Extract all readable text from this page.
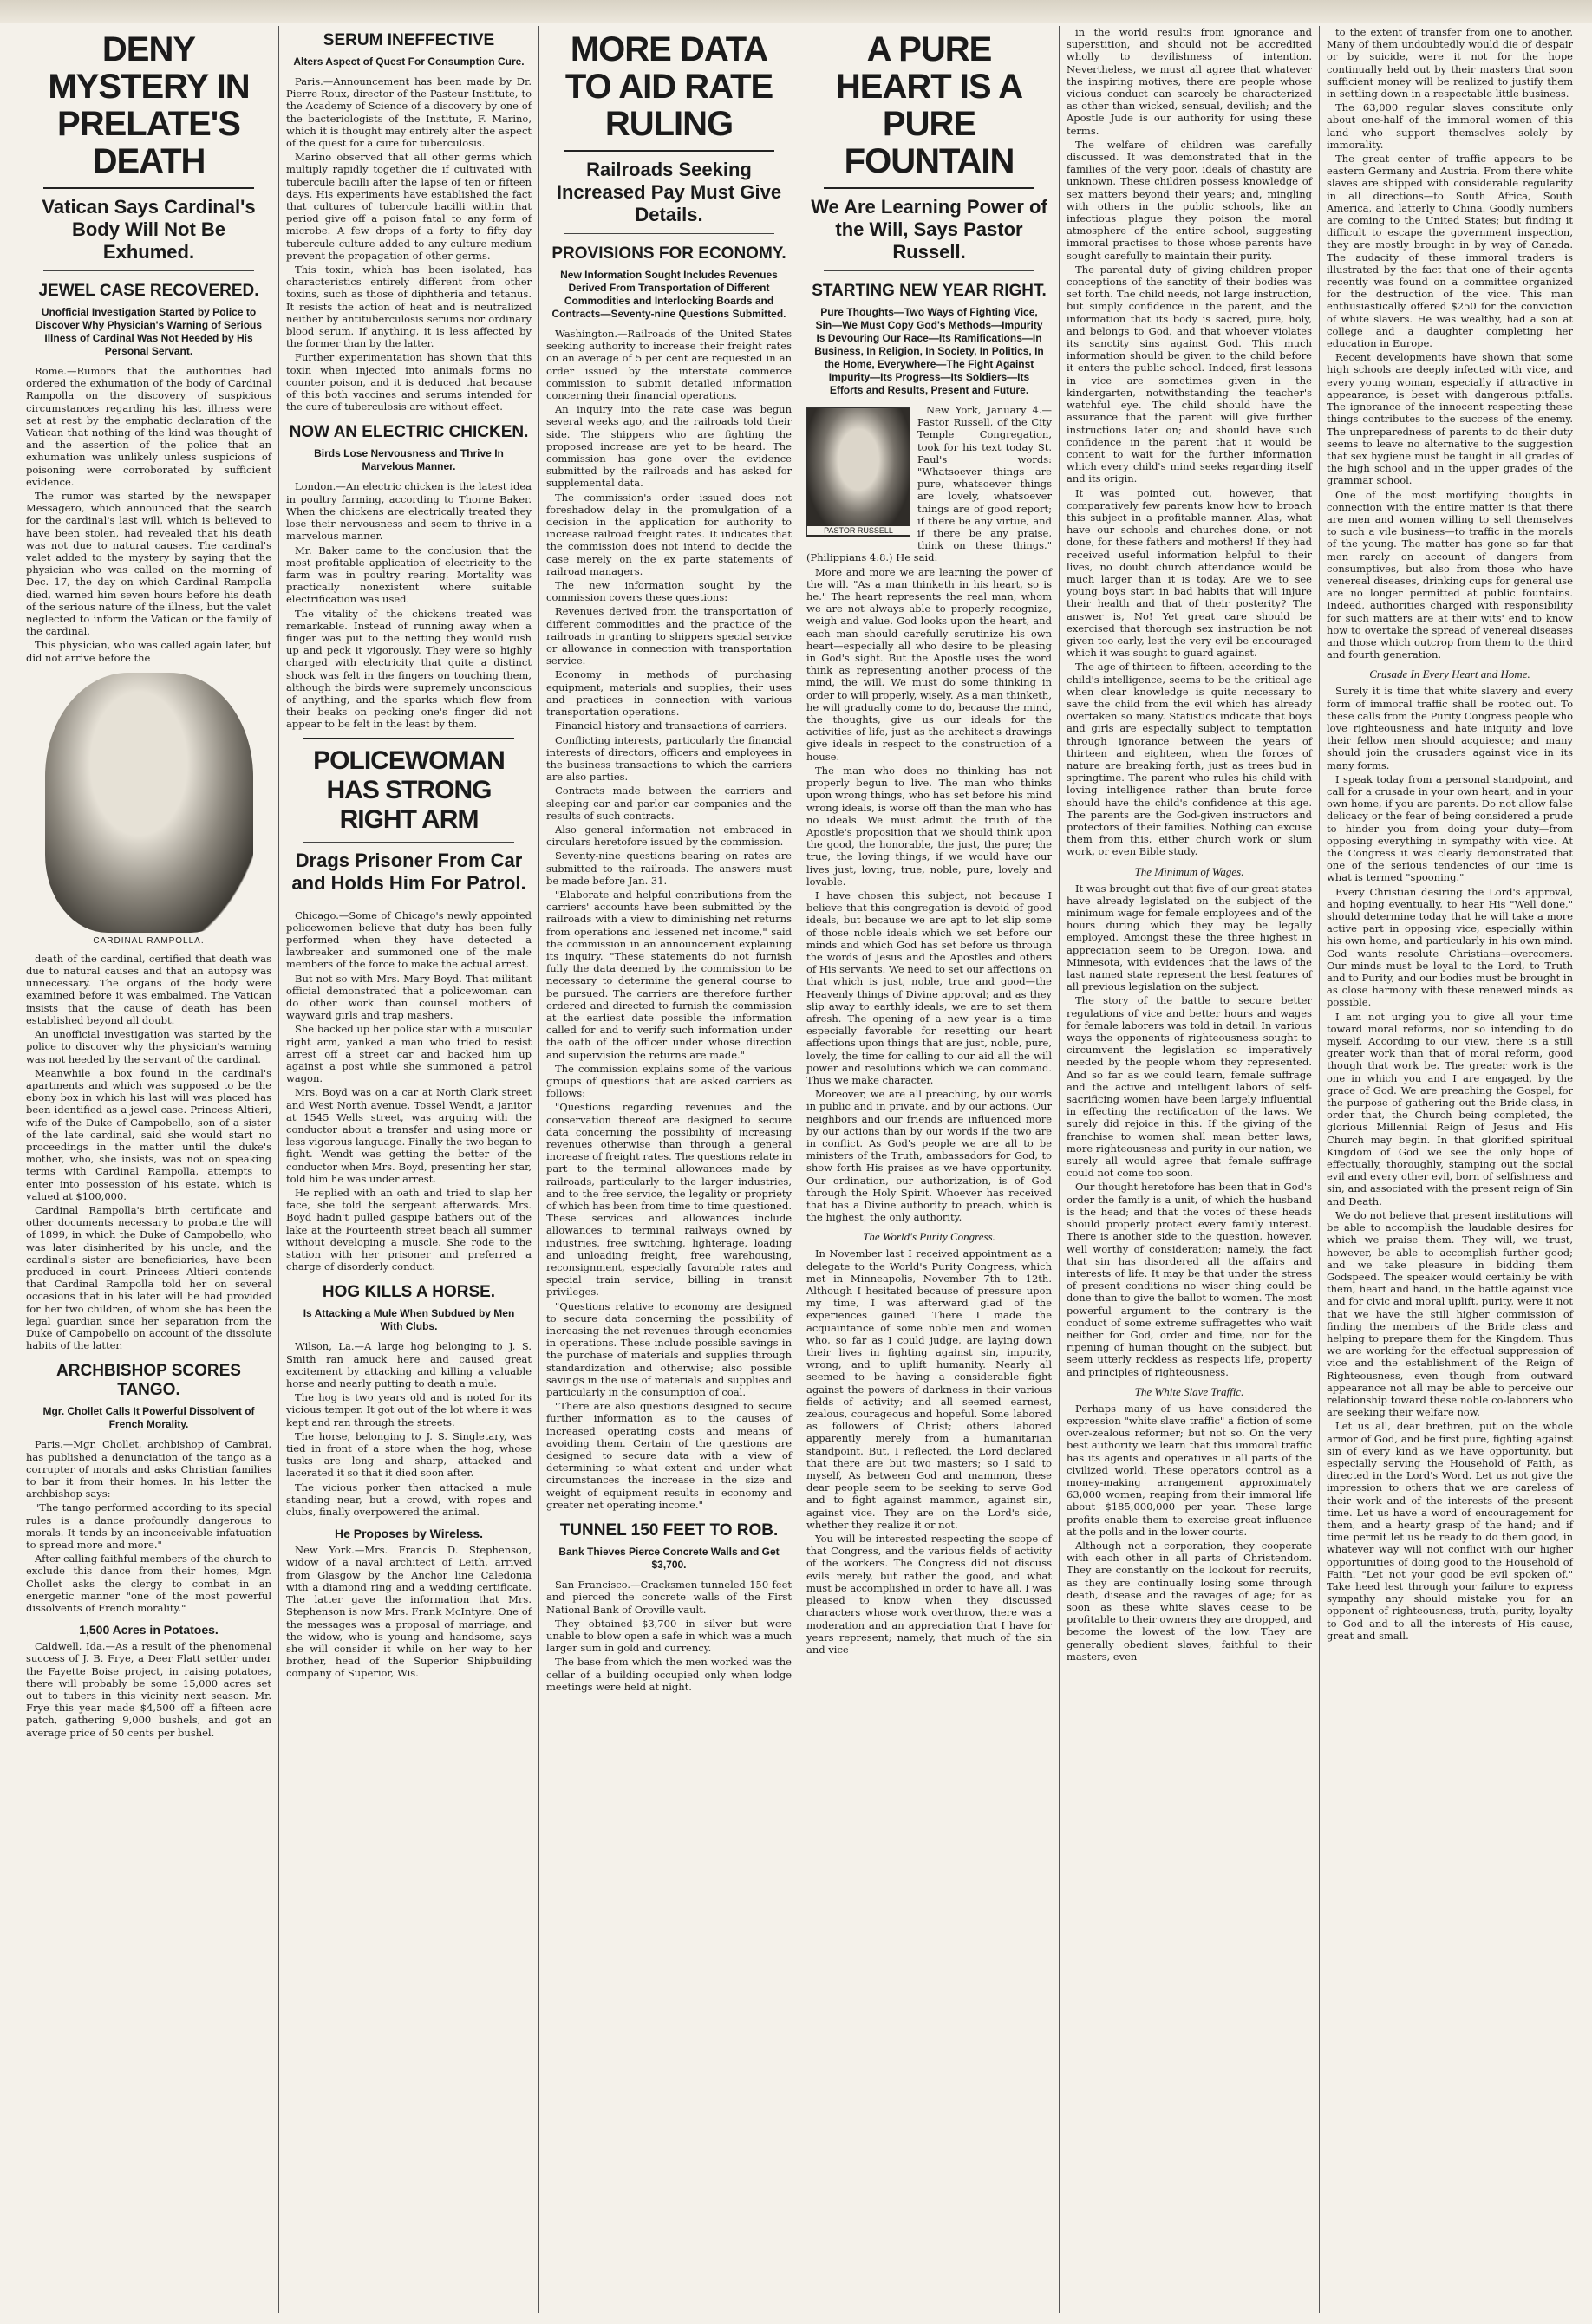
DENY MYSTERY IN PRELATE'S DEATH
Vatican Says Cardinal's Body Will Not Be Exhumed.
JEWEL CASE RECOVERED.
Unofficial Investigation Started by Police to Discover Why Physician's Warning of Serious Illness of Cardinal Was Not Heeded by His Personal Servant.

Rome.—Rumors that the authorities had ordered the exhumation of the body of Cardinal Rampolla on the discovery of suspicious circumstances regarding his last illness were set at rest by the emphatic declaration of the Vatican that nothing of the kind was thought of and the assertion of the police that an exhumation was unlikely unless suspicions of poisoning were corroborated by sufficient evidence.

The rumor was started by the newspaper Messagero, which announced that the search for the cardinal's last will, which is believed to have been stolen, had revealed that his death was not due to natural causes. The cardinal's valet added to the mystery by saying that the physician who was called on the morning of Dec. 17, the day on which Cardinal Rampolla died, warned him seven hours before his death of the serious nature of the illness, but the valet neglected to inform the Vatican or the family of the cardinal.

This physician, who was called again later, but did not arrive before the

CARDINAL RAMPOLLA.

death of the cardinal, certified that death was due to natural causes and that an autopsy was unnecessary. The organs of the body were examined before it was embalmed. The Vatican insists that the cause of death has been established beyond all doubt.

An unofficial investigation was started by the police to discover why the physician's warning was not heeded by the servant of the cardinal.

Meanwhile a box found in the cardinal's apartments and which was supposed to be the ebony box in which his last will was placed has been identified as a jewel case. Princess Altieri, wife of the Duke of Campobello, son of a sister of the late cardinal, said she would start no proceedings in the matter until the duke's mother, who, she insists, was not on speaking terms with Cardinal Rampolla, attempts to enter into possession of his estate, which is valued at $100,000.

Cardinal Rampolla's birth certificate and other documents necessary to probate the will of 1899, in which the Duke of Campobello, who was later disinherited by his uncle, and the cardinal's sister are beneficiaries, have been produced in court. Princess Altieri contends that Cardinal Rampolla told her on several occasions that in his later will he had provided for her two children, of whom she has been the legal guardian since her separation from the Duke of Campobello on account of the dissolute habits of the latter.

ARCHBISHOP SCORES TANGO.
Mgr. Chollet Calls It Powerful Dissolvent of French Morality.

Paris.—Mgr. Chollet, archbishop of Cambrai, has published a denunciation of the tango as a corrupter of morals and asks Christian families to bar it from their homes. In his letter the archbishop says:

"The tango performed according to its special rules is a dance profoundly dangerous to morals. It tends by an inconceivable infatuation to spread more and more."

After calling faithful members of the church to exclude this dance from their homes, Mgr. Chollet asks the clergy to combat in an energetic manner "one of the most powerful dissolvents of French morality."

1,500 Acres in Potatoes.

Caldwell, Ida.—As a result of the phenomenal success of J. B. Frye, a Deer Flatt settler under the Fayette Boise project, in raising potatoes, there will probably be some 15,000 acres set out to tubers in this vicinity next season. Mr. Frye this year made $4,500 off a fifteen acre patch, gathering 9,000 bushels, and got an average price of 50 cents per bushel.

SERUM INEFFECTIVE
Alters Aspect of Quest For Consumption Cure.

Paris.—Announcement has been made by Dr. Pierre Roux, director of the Pasteur Institute, to the Academy of Science of a discovery by one of the bacteriologists of the Institute, F. Marino, which it is thought may entirely alter the aspect of the quest for a cure for tuberculosis.

Marino observed that all other germs which multiply rapidly together die if cultivated with tubercule bacilli after the lapse of ten or fifteen days. His experiments have established the fact that cultures of tubercule bacilli within that period give off a poison fatal to any form of microbe. A few drops of a forty to fifty day tubercule culture added to any culture medium prevent the propagation of other germs.

This toxin, which has been isolated, has characteristics entirely different from other toxins, such as those of diphtheria and tetanus. It resists the action of heat and is neutralized neither by antituberculosis serums nor ordinary blood serum. If anything, it is less affected by the former than by the latter.

Further experimentation has shown that this toxin when injected into animals forms no counter poison, and it is deduced that because of this both vaccines and serums intended for the cure of tuberculosis are without effect.

NOW AN ELECTRIC CHICKEN.
Birds Lose Nervousness and Thrive In Marvelous Manner.

London.—An electric chicken is the latest idea in poultry farming, according to Thorne Baker. When the chickens are electrically treated they lose their nervousness and seem to thrive in a marvelous manner.

Mr. Baker came to the conclusion that the most profitable application of electricity to the farm was in poultry rearing. Mortality was practically nonexistent where suitable electrification was used.

The vitality of the chickens treated was remarkable. Instead of running away when a finger was put to the netting they would rush up and peck it vigorously. They were so highly charged with electricity that quite a distinct shock was felt in the fingers on touching them, although the birds were supremely unconscious of anything, and the sparks which flew from their beaks on pecking one's finger did not appear to be felt in the least by them.

POLICEWOMAN HAS STRONG RIGHT ARM
Drags Prisoner From Car and Holds Him For Patrol.

Chicago.—Some of Chicago's newly appointed policewomen believe that duty has been fully performed when they have detected a lawbreaker and summoned one of the male members of the force to make the actual arrest.

But not so with Mrs. Mary Boyd. That militant official demonstrated that a policewoman can do other work than counsel mothers of wayward girls and trap mashers.

She backed up her police star with a muscular right arm, yanked a man who tried to resist arrest off a street car and backed him up against a post while she summoned a patrol wagon.

Mrs. Boyd was on a car at North Clark street and West North avenue. Tossel Wendt, a janitor at 1545 Wells street, was arguing with the conductor about a transfer and using more or less vigorous language. Finally the two began to fight. Wendt was getting the better of the conductor when Mrs. Boyd, presenting her star, told him he was under arrest.

He replied with an oath and tried to slap her face, she told the sergeant afterwards. Mrs. Boyd hadn't pulled gaspipe bathers out of the lake at the Fourteenth street beach all summer without developing a muscle. She rode to the station with her prisoner and preferred a charge of disorderly conduct.

HOG KILLS A HORSE.
Is Attacking a Mule When Subdued by Men With Clubs.

Wilson, La.—A large hog belonging to J. S. Smith ran amuck here and caused great excitement by attacking and killing a valuable horse and nearly putting to death a mule.

The hog is two years old and is noted for its vicious temper. It got out of the lot where it was kept and ran through the streets.

The horse, belonging to J. S. Singletary, was tied in front of a store when the hog, whose tusks are long and sharp, attacked and lacerated it so that it died soon after.

The vicious porker then attacked a mule standing near, but a crowd, with ropes and clubs, finally overpowered the animal.

He Proposes by Wireless.

New York.—Mrs. Francis D. Stephenson, widow of a naval architect of Leith, arrived from Glasgow by the Anchor line Caledonia with a diamond ring and a wedding certificate. The latter gave the information that Mrs. Stephenson is now Mrs. Frank McIntyre. One of the messages was a proposal of marriage, and the widow, who is young and handsome, says she will consider it while on her way to her brother, head of the Superior Shipbuilding company of Superior, Wis.

MORE DATA TO AID RATE RULING
Railroads Seeking Increased Pay Must Give Details.
PROVISIONS FOR ECONOMY.
New Information Sought Includes Revenues Derived From Transportation of Different Commodities and Interlocking Boards and Contracts—Seventy-nine Questions Submitted.

Washington.—Railroads of the United States seeking authority to increase their freight rates on an average of 5 per cent are requested in an order issued by the interstate commerce commission to submit detailed information concerning their financial operations.

An inquiry into the rate case was begun several weeks ago, and the railroads told their side. The shippers who are fighting the proposed increase are yet to be heard. The commission has gone over the evidence submitted by the railroads and has asked for supplemental data.

The commission's order issued does not foreshadow delay in the promulgation of a decision in the application for authority to increase railroad freight rates. It indicates that the commission does not intend to decide the case merely on the ex parte statements of railroad managers.

The new information sought by the commission covers these questions:

Revenues derived from the transportation of different commodities and the practice of the railroads in granting to shippers special service or allowance in connection with transportation service.

Economy in methods of purchasing equipment, materials and supplies, their uses and practices in connection with various transportation operations.

Financial history and transactions of carriers.

Conflicting interests, particularly the financial interests of directors, officers and employees in the business transactions to which the carriers are also parties.

Contracts made between the carriers and sleeping car and parlor car companies and the results of such contracts.

Also general information not embraced in circulars heretofore issued by the commission.

Seventy-nine questions bearing on rates are submitted to the railroads. The answers must be made before Jan. 31.

"Elaborate and helpful contributions from the carriers' accounts have been submitted by the railroads with a view to diminishing net returns from operations and lessened net income," said the commission in an announcement explaining its inquiry. "These statements do not furnish fully the data deemed by the commission to be necessary to determine the general course to be pursued. The carriers are therefore further ordered and directed to furnish the commission at the earliest date possible the information called for and to verify such information under the oath of the officer under whose direction and supervision the returns are made."

The commission explains some of the various groups of questions that are asked carriers as follows:

"Questions regarding revenues and the conservation thereof are designed to secure data concerning the possibility of increasing revenues otherwise than through a general increase of freight rates. The questions relate in part to the terminal allowances made by railroads, particularly to the larger industries, and to the free service, the legality or propriety of which has been from time to time questioned. These services and allowances include allowances to terminal railways owned by industries, free switching, lighterage, loading and unloading freight, free warehousing, reconsignment, especially favorable rates and special train service, billing in transit privileges.

"Questions relative to economy are designed to secure data concerning the possibility of increasing the net revenues through economies in operations. These include possible savings in the purchase of materials and supplies through standardization and otherwise; also possible savings in the use of materials and supplies and particularly in the consumption of coal.

"There are also questions designed to secure further information as to the causes of increased operating costs and means of avoiding them. Certain of the questions are designed to secure data with a view of determining to what extent and under what circumstances the increase in the size and weight of equipment results in economy and greater net operating income."

TUNNEL 150 FEET TO ROB.
Bank Thieves Pierce Concrete Walls and Get $3,700.

San Francisco.—Cracksmen tunneled 150 feet and pierced the concrete walls of the First National Bank of Oroville vault.

They obtained $3,700 in silver but were unable to blow open a safe in which was a much larger sum in gold and currency.

The base from which the men worked was the cellar of a building occupied only when lodge meetings were held at night.

A PURE HEART IS A PURE FOUNTAIN
We Are Learning Power of the Will, Says Pastor Russell.
STARTING NEW YEAR RIGHT.
Pure Thoughts—Two Ways of Fighting Vice, Sin—We Must Copy God's Methods—Impurity Is Devouring Our Race—Its Ramifications—In Business, In Religion, In Society, In Politics, In the Home, Everywhere—The Fight Against Impurity—Its Progress—Its Soldiers—Its Efforts and Results, Present and Future.
PASTOR RUSSELL

New York, January 4.—Pastor Russell, of the City Temple Congregation, took for his text today St. Paul's words: "Whatsoever things are pure, whatsoever things are lovely, whatsoever things are of good report; if there be any virtue, and if there be any praise, think on these things." (Philippians 4:8.) He said:

More and more we are learning the power of the will. "As a man thinketh in his heart, so is he." The heart represents the real man, whom we are not always able to properly recognize, weigh and value. God looks upon the heart, and each man should carefully scrutinize his own heart—especially all who desire to be pleasing in God's sight. But the Apostle uses the word think as representing another process of the mind, the will. We must do some thinking in order to will properly, wisely. As a man thinketh, he will gradually come to do, because the mind, the thoughts, give us our ideals for the activities of life, just as the architect's drawings give ideals in respect to the construction of a house.

The man who does no thinking has not properly begun to live. The man who thinks upon wrong things, who has set before his mind wrong ideals, is worse off than the man who has no ideals. We must admit the truth of the Apostle's proposition that we should think upon the good, the honorable, the just, the pure; the true, the loving things, if we would have our lives just, loving, true, noble, pure, lovely and lovable.

I have chosen this subject, not because I believe that this congregation is devoid of good ideals, but because we are apt to let slip some of those noble ideals which we set before our minds and which God has set before us through the words of Jesus and the Apostles and others of His servants. We need to set our affections on that which is just, noble, true and good—the Heavenly things of Divine approval; and as they slip away to earthly ideals, we are to set them afresh. The opening of a new year is a time especially favorable for resetting our heart affections upon things that are just, noble, pure, lovely, the time for calling to our aid all the will power and resolutions which we can command. Thus we make character.

Moreover, we are all preaching, by our words in public and in private, and by our actions. Our neighbors and our friends are influenced more by our actions than by our words if the two are in conflict. As God's people we are all to be ministers of the Truth, ambassadors for God, to show forth His praises as we have opportunity. Our ordination, our authorization, is of God through the Holy Spirit. Whoever has received that has a Divine authority to preach, which is the highest, the only authority.

The World's Purity Congress.

In November last I received appointment as a delegate to the World's Purity Congress, which met in Minneapolis, November 7th to 12th. Although I hesitated because of pressure upon my time, I was afterward glad of the experiences gained. There I made the acquaintance of some noble men and women who, so far as I could judge, are laying down their lives in fighting against sin, impurity, wrong, and to uplift humanity. Nearly all seemed to be having a considerable fight against the powers of darkness in their various fields of activity; and all seemed earnest, zealous, courageous and hopeful. Some labored as followers of Christ; others labored apparently merely from a humanitarian standpoint. But, I reflected, the Lord declared that there are but two masters; so I said to myself, As between God and mammon, these dear people seem to be seeking to serve God and to fight against mammon, against sin, against vice. They are on the Lord's side, whether they realize it or not.

You will be interested respecting the scope of that Congress, and the various fields of activity of the workers. The Congress did not discuss evils merely, but rather the good, and what must be accomplished in order to have all. I was pleased to know when they discussed characters whose work overthrow, there was a moderation and an appreciation that I have for years represent; namely, that much of the sin and vice

in the world results from ignorance and superstition, and should not be accredited wholly to devilishness of intention. Nevertheless, we must all agree that whatever the inspiring motives, there are people whose vicious conduct can scarcely be characterized as other than wicked, sensual, devilish; and the Apostle Jude is our authority for using these terms.

The welfare of children was carefully discussed. It was demonstrated that in the families of the very poor, ideals of chastity are unknown. These children possess knowledge of sex matters beyond their years; and, mingling with others in the public schools, like an infectious plague they poison the moral atmosphere of the entire school, suggesting immoral practises to those whose parents have sought carefully to maintain their purity.

The parental duty of giving children proper conceptions of the sanctity of their bodies was set forth. The child needs, not large instruction, but simply confidence in the parent, and the information that its body is sacred, pure, holy, and belongs to God, and that whoever violates its sanctity sins against God. This much information should be given to the child before it enters the public school. Indeed, first lessons in vice are sometimes given in the kindergarten, notwithstanding the teacher's watchful eye. The child should have the assurance that the parent will give further instructions later on; and should have such confidence in the parent that it would be content to wait for the further information which every child's mind seeks regarding itself and its origin.

It was pointed out, however, that comparatively few parents know how to broach this subject in a profitable manner. Alas, what have our schools and churches done, or not done, for these fathers and mothers! If they had received useful information helpful to their lives, no doubt church attendance would be much larger than it is today. Are we to see young boys start in bad habits that will injure their health and that of their posterity? The answer is, No! Yet great care should be exercised that thorough sex instruction be not given too early, lest the very evil be encouraged which it was sought to guard against.

The age of thirteen to fifteen, according to the child's intelligence, seems to be the critical age when clear knowledge is quite necessary to save the child from the evil which has already overtaken so many. Statistics indicate that boys and girls are especially subject to temptation through ignorance between the years of thirteen and eighteen, when the forces of nature are breaking forth, just as trees bud in springtime. The parent who rules his child with loving intelligence rather than brute force should have the child's confidence at this age. The parents are the God-given instructors and protectors of their families. Nothing can excuse them from this, either church work or slum work, or even Bible study.

The Minimum of Wages.

It was brought out that five of our great states have already legislated on the subject of the minimum wage for female employees and of the hours during which they may be legally employed. Amongst these the three highest in appreciation seem to be Oregon, Iowa, and Minnesota, with evidences that the laws of the last named state represent the best features of all previous legislation on the subject.

The story of the battle to secure better regulations of vice and better hours and wages for female laborers was told in detail. In various ways the opponents of righteousness sought to circumvent the legislation so imperatively needed by the people whom they represented. And so far as we could learn, female suffrage and the active and intelligent labors of self-sacrificing women have been largely influential in effecting the rectification of the laws. We surely did rejoice in this. If the giving of the franchise to women shall mean better laws, more righteousness and purity in our nation, we surely all would agree that female suffrage could not come too soon.

Our thought heretofore has been that in God's order the family is a unit, of which the husband is the head; and that the votes of these heads should properly protect every family interest. There is another side to the question, however, well worthy of consideration; namely, the fact that sin has disordered all the affairs and interests of life. It may be that under the stress of present conditions no wiser thing could be done than to give the ballot to women. The most powerful argument to the contrary is the conduct of some extreme suffragettes who wait neither for God, order and time, nor for the ripening of human thought on the subject, but seem utterly reckless as respects life, property and principles of righteousness.

The White Slave Traffic.

Perhaps many of us have considered the expression "white slave traffic" a fiction of some over-zealous reformer; but not so. On the very best authority we learn that this immoral traffic has its agents and operatives in all parts of the civilized world. These operators control as a money-making arrangement approximately 63,000 women, reaping from their immoral life about $185,000,000 per year. These large profits enable them to exercise great influence at the polls and in the lower courts.

Although not a corporation, they cooperate with each other in all parts of Christendom. They are constantly on the lookout for recruits, as they are continually losing some through death, disease and the ravages of age; for as soon as these white slaves cease to be profitable to their owners they are dropped, and become the lowest of the low. They are generally obedient slaves, faithful to their masters, even

to the extent of transfer from one to another. Many of them undoubtedly would die of despair or by suicide, were it not for the hope continually held out by their masters that soon sufficient money will be realized to justify them in settling down in a respectable little business.

The 63,000 regular slaves constitute only about one-half of the immoral women of this land who support themselves solely by immorality.

The great center of traffic appears to be eastern Germany and Austria. From there white slaves are shipped with considerable regularity in all directions—to South Africa, South America, and latterly to China. Goodly numbers are coming to the United States; but finding it difficult to escape the government inspection, they are mostly brought in by way of Canada. The audacity of these immoral traders is illustrated by the fact that one of their agents recently was found on a committee organized for the destruction of the vice. This man enthusiastically offered $250 for the conviction of white slavers. He was wealthy, had a son at college and a daughter completing her education in Europe.

Recent developments have shown that some high schools are deeply infected with vice, and every young woman, especially if attractive in appearance, is beset with dangerous pitfalls. The ignorance of the innocent respecting these things contributes to the success of the enemy. The unpreparedness of parents to do their duty seems to leave no alternative to the suggestion that sex hygiene must be taught in all grades of the high school and in the upper grades of the grammar school.

One of the most mortifying thoughts in connection with the entire matter is that there are men and women willing to sell themselves to such a vile business—to traffic in the morals of the young. The matter has gone so far that men rarely on account of dangers from consumptives, but also from those who have venereal diseases, drinking cups for general use are no longer permitted at public fountains. Indeed, authorities charged with responsibility for such matters are at their wits' end to know how to overtake the spread of venereal diseases and those which outcrop from them to the third and fourth generation.

Crusade In Every Heart and Home.

Surely it is time that white slavery and every form of immoral traffic shall be rooted out. To these calls from the Purity Congress people who love righteousness and hate iniquity and love their fellow men should acquiesce; and many should join the crusaders against vice in its many forms.

I speak today from a personal standpoint, and call for a crusade in your own heart, and in your own home, if you are parents. Do not allow false delicacy or the fear of being considered a prude to hinder you from doing your duty—from opposing everything in sympathy with vice. At the Congress it was clearly demonstrated that one of the serious tendencies of our time is what is termed "spooning."

Every Christian desiring the Lord's approval, and hoping eventually, to hear His "Well done," should determine today that he will take a more active part in opposing vice, especially within his own home, and particularly in his own mind. God wants resolute Christians—overcomers. Our minds must be loyal to the Lord, to Truth and to Purity, and our bodies must be brought in as close harmony with these renewed minds as possible.

I am not urging you to give all your time toward moral reforms, nor so intending to do myself. According to our view, there is a still greater work than that of moral reform, good though that work be. The greater work is the one in which you and I are engaged, by the grace of God. We are preaching the Gospel, for the purpose of gathering out the Bride class, in order that, the Church being completed, the glorious Millennial Reign of Jesus and His Church may begin. In that glorified spiritual Kingdom of God we see the only hope of effectually, thoroughly, stamping out the social evil and every other evil, born of selfishness and sin, and associated with the present reign of Sin and Death.

We do not believe that present institutions will be able to accomplish the laudable desires for which we praise them. They will, we trust, however, be able to accomplish further good; and we take pleasure in bidding them Godspeed. The speaker would certainly be with them, heart and hand, in the battle against vice and for civic and moral uplift, purity, were it not that we have the still higher commission of finding the members of the Bride class and helping to prepare them for the Kingdom. Thus we are working for the effectual suppression of vice and the establishment of the Reign of Righteousness, even though from outward appearance not all may be able to perceive our relationship toward these noble co-laborers who are seeking their welfare now.

Let us all, dear brethren, put on the whole armor of God, and be first pure, fighting against sin of every kind as we have opportunity, but especially serving the Household of Faith, as directed in the Lord's Word. Let us not give the impression to others that we are careless of their work and of the interests of the present time. Let us have a word of encouragement for them, and a hearty grasp of the hand; and if time permit let us be ready to do them good, in whatever way will not conflict with our higher opportunities of doing good to the Household of Faith. "Let not your good be evil spoken of." Take heed lest through your failure to express sympathy any should mistake you for an opponent of righteousness, truth, purity, loyalty to God and to all the interests of His cause, great and small.
